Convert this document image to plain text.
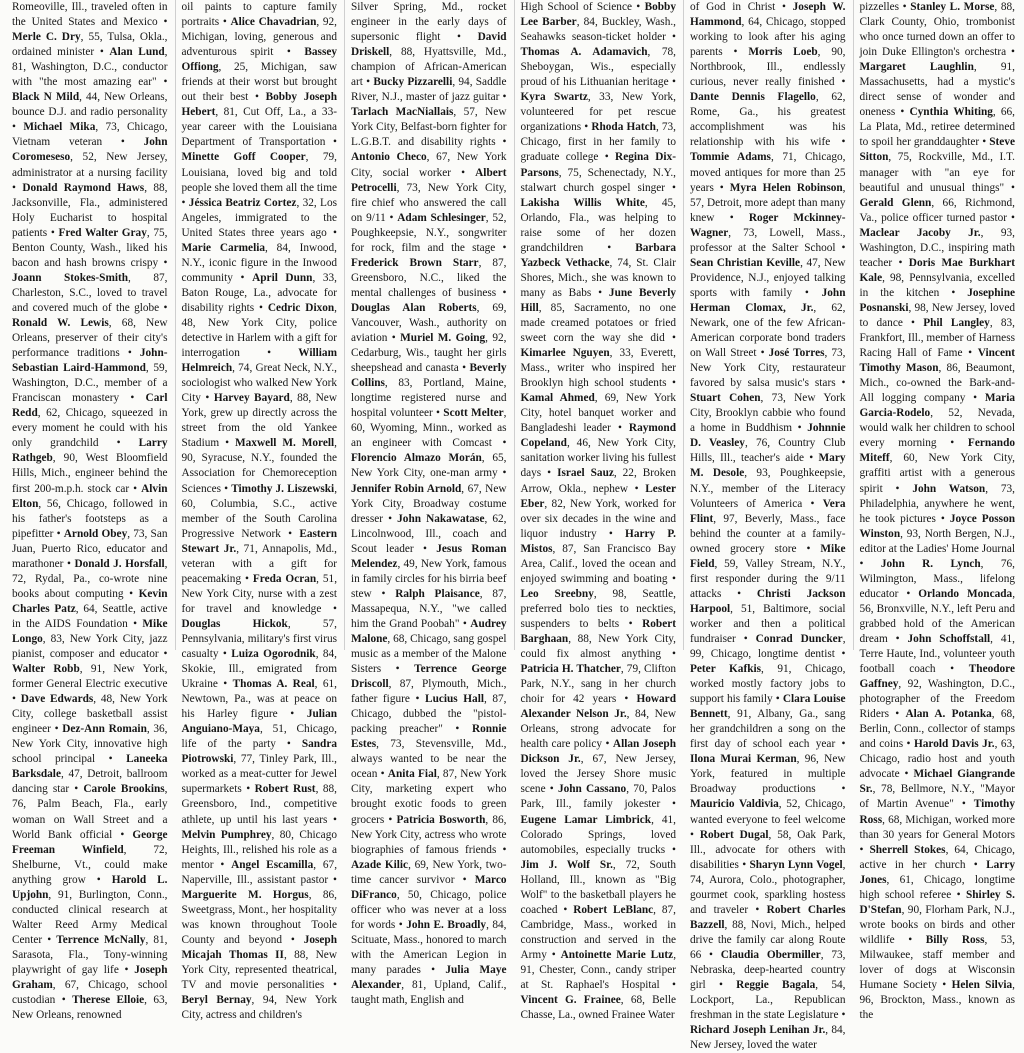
Romeoville, Ill., traveled often in the United States and Mexico • Merle C. Dry, 55, Tulsa, Okla., ordained minister • Alan Lund, 81, Washington, D.C., conductor with "the most amazing ear" • Black N Mild, 44, New Orleans, bounce D.J. and radio personality • Michael Mika, 73, Chicago, Vietnam veteran • John Coromeseso, 52, New Jersey, administrator at a nursing facility • Donald Raymond Haws, 88, Jacksonville, Fla., administered Holy Eucharist to hospital patients • Fred Walter Gray, 75, Benton County, Wash., liked his bacon and hash browns crispy • Joann Stokes-Smith, 87, Charleston, S.C., loved to travel and covered much of the globe • Ronald W. Lewis, 68, New Orleans, preserver of their city's performance traditions • John-Sebastian Laird-Hammond, 59, Washington, D.C., member of a Franciscan monastery • Carl Redd, 62, Chicago, squeezed in every moment he could with his only grandchild • Larry Rathgeb, 90, West Bloomfield Hills, Mich., engineer behind the first 200-m.p.h. stock car • Alvin Elton, 56, Chicago, followed in his father's footsteps as a pipefitter • Arnold Obey, 73, San Juan, Puerto Rico, educator and marathoner • Donald J. Horsfall, 72, Rydal, Pa., co-wrote nine books about computing • Kevin Charles Patz, 64, Seattle, active in the AIDS Foundation • Mike Longo, 83, New York City, jazz pianist, composer and educator • Walter Robb, 91, New York, former General Electric executive • Dave Edwards, 48, New York City, college basketball assist engineer • Dez-Ann Romain, 36, New York City, innovative high school principal • Laneeka Barksdale, 47, Detroit, ballroom dancing star • Carole Brookins, 76, Palm Beach, Fla., early woman on Wall Street and a World Bank official • George Freeman Winfield, 72, Shelburne, Vt., could make anything grow • Harold L. Upjohn, 91, Burlington, Conn., conducted clinical research at Walter Reed Army Medical Center • Terrence McNally, 81, Sarasota, Fla., Tony-winning playwright of gay life • Joseph Graham, 67, Chicago, school custodian • Therese Elloie, 63, New Orleans, renowned

oil paints to capture family portraits • Alice Chavadrian, 92, Michigan, loving, generous and adventurous spirit • Bassey Offiong, 25, Michigan, saw friends at their worst but brought out their best • Bobby Joseph Hebert, 81, Cut Off, La., a 33-year career with the Louisiana Department of Transportation • Minette Goff Cooper, 79, Louisiana, loved big and told people she loved them all the time • Jéssica Beatriz Cortez, 32, Los Angeles, immigrated to the United States three years ago • Marie Carmelia, 84, Inwood, N.Y., iconic figure in the Inwood community • April Dunn, 33, Baton Rouge, La., advocate for disability rights • Cedric Dixon, 48, New York City, police detective in Harlem with a gift for interrogation • William Helmreich, 74, Great Neck, N.Y., sociologist who walked New York City • Harvey Bayard, 88, New York, grew up directly across the street from the old Yankee Stadium • Maxwell M. Morell, 90, Syracuse, N.Y., founded the Association for Chemoreception Sciences • Timothy J. Liszewski, 60, Columbia, S.C., active member of the South Carolina Progressive Network • Eastern Stewart Jr., 71, Annapolis, Md., veteran with a gift for peacemaking • Freda Ocran, 51, New York City, nurse with a zest for travel and knowledge • Douglas Hickok, 57, Pennsylvania, military's first virus casualty • Luiza Ogorodnik, 84, Skokie, Ill., emigrated from Ukraine • Thomas A. Real, 61, Newtown, Pa., was at peace on his Harley figure • Julian Anguiano-Maya, 51, Chicago, life of the party • Sandra Piotrowski, 77, Tinley Park, Ill., worked as a meat-cutter for Jewel supermarkets • Robert Rust, 88, Greensboro, Ind., competitive athlete, up until his last years • Melvin Pumphrey, 80, Chicago Heights, Ill., relished his role as a mentor • Angel Escamilla, 67, Naperville, Ill., assistant pastor • Marguerite M. Horgus, 86, Sweetgrass, Mont., her hospitality was known throughout Toole County and beyond • Joseph Micajah Thomas II, 88, New York City, represented theatrical, TV and movie personalities • Beryl Bernay, 94, New York City, actress and children's

Silver Spring, Md., rocket engineer in the early days of supersonic flight • David Driskell, 88, Hyattsville, Md., champion of African-American art • Bucky Pizzarelli, 94, Saddle River, N.J., master of jazz guitar • Tarlach MacNiallais, 57, New York City, Belfast-born fighter for L.G.B.T. and disability rights • Antonio Checo, 67, New York City, social worker • Albert Petrocelli, 73, New York City, fire chief who answered the call on 9/11 • Adam Schlesinger, 52, Poughkeepsie, N.Y., songwriter for rock, film and the stage • Frederick Brown Starr, 87, Greensboro, N.C., liked the mental challenges of business • Douglas Alan Roberts, 69, Vancouver, Wash., authority on aviation • Muriel M. Going, 92, Cedarburg, Wis., taught her girls sheepshead and canasta • Beverly Collins, 83, Portland, Maine, longtime registered nurse and hospital volunteer • Scott Melter, 60, Wyoming, Minn., worked as an engineer with Comcast • Florencio Almazo Morán, 65, New York City, one-man army • Jennifer Robin Arnold, 67, New York City, Broadway costume dresser • John Nakawatase, 62, Lincolnwood, Ill., coach and Scout leader • Jesus Roman Melendez, 49, New York, famous in family circles for his birria beef stew • Ralph Plaisance, 87, Massapequa, N.Y., "we called him the Grand Poobah" • Audrey Malone, 68, Chicago, sang gospel music as a member of the Malone Sisters • Terrence George Driscoll, 87, Plymouth, Mich., father figure • Lucius Hall, 87, Chicago, dubbed the "pistol-packing preacher" • Ronnie Estes, 73, Stevensville, Md., always wanted to be near the ocean • Anita Fial, 87, New York City, marketing expert who brought exotic foods to green grocers • Patricia Bosworth, 86, New York City, actress who wrote biographies of famous friends • Azade Kilic, 69, New York, two-time cancer survivor • Marco DiFranco, 50, Chicago, police officer who was never at a loss for words • John E. Broadly, 84, Scituate, Mass., honored to march with the American Legion in many parades • Julia Maye Alexander, 81, Upland, Calif., taught math, English and

High School of Science • Bobby Lee Barber, 84, Buckley, Wash., Seahawks season-ticket holder • Thomas A. Adamavich, 78, Sheboygan, Wis., especially proud of his Lithuanian heritage • Kyra Swartz, 33, New York, volunteered for pet rescue organizations • Rhoda Hatch, 73, Chicago, first in her family to graduate college • Regina Dix-Parsons, 75, Schenectady, N.Y., stalwart church gospel singer • Lakisha Willis White, 45, Orlando, Fla., was helping to raise some of her dozen grandchildren • Barbara Yazbeck Vethacke, 74, St. Clair Shores, Mich., she was known to many as Babs • June Beverly Hill, 85, Sacramento, no one made creamed potatoes or fried sweet corn the way she did • Kimarlee Nguyen, 33, Everett, Mass., writer who inspired her Brooklyn high school students • Kamal Ahmed, 69, New York City, hotel banquet worker and Bangladeshi leader • Raymond Copeland, 46, New York City, sanitation worker living his fullest days • Israel Sauz, 22, Broken Arrow, Okla., nephew • Lester Eber, 82, New York, worked for over six decades in the wine and liquor industry • Harry P. Mistos, 87, San Francisco Bay Area, Calif., loved the ocean and enjoyed swimming and boating • Leo Sreebny, 98, Seattle, preferred bolo ties to neckties, suspenders to belts • Robert Barghaan, 88, New York City, could fix almost anything • Patricia H. Thatcher, 79, Clifton Park, N.Y., sang in her church choir for 42 years • Howard Alexander Nelson Jr., 84, New Orleans, strong advocate for health care policy • Allan Joseph Dickson Jr., 67, New Jersey, loved the Jersey Shore music scene • John Cassano, 70, Palos Park, Ill., family jokester • Eugene Lamar Limbrick, 41, Colorado Springs, loved automobiles, especially trucks • Jim J. Wolf Sr., 72, South Holland, Ill., known as "Big Wolf" to the basketball players he coached • Robert LeBlanc, 87, Cambridge, Mass., worked in construction and served in the Army • Antoinette Marie Lutz, 91, Chester, Conn., candy striper at St. Raphael's Hospital • Vincent G. Frainee, 68, Belle Chasse, La., owned Frainee Water

of God in Christ • Joseph W. Hammond, 64, Chicago, stopped working to look after his aging parents • Morris Loeb, 90, Northbrook, Ill., endlessly curious, never really finished • Dante Dennis Flagello, 62, Rome, Ga., his greatest accomplishment was his relationship with his wife • Tommie Adams, 71, Chicago, moved antiques for more than 25 years • Myra Helen Robinson, 57, Detroit, more adept than many knew • Roger Mckinney-Wagner, 73, Lowell, Mass., professor at the Salter School • Sean Christian Keville, 47, New Providence, N.J., enjoyed talking sports with family • John Herman Clomax, Jr., 62, Newark, one of the few African-American corporate bond traders on Wall Street • José Torres, 73, New York City, restaurateur favored by salsa music's stars • Stuart Cohen, 73, New York City, Brooklyn cabbie who found a home in Buddhism • Johnnie D. Veasley, 76, Country Club Hills, Ill., teacher's aide • Mary M. Desole, 93, Poughkeepsie, N.Y., member of the Literacy Volunteers of America • Vera Flint, 97, Beverly, Mass., face behind the counter at a family-owned grocery store • Mike Field, 59, Valley Stream, N.Y., first responder during the 9/11 attacks • Christi Jackson Harpool, 51, Baltimore, social worker and then a political fundraiser • Conrad Duncker, 99, Chicago, longtime dentist • Peter Kafkis, 91, Chicago, worked mostly factory jobs to support his family • Clara Louise Bennett, 91, Albany, Ga., sang her grandchildren a song on the first day of school each year • Ilona Murai Kerman, 96, New York, featured in multiple Broadway productions • Mauricio Valdivia, 52, Chicago, wanted everyone to feel welcome • Robert Dugal, 58, Oak Park, Ill., advocate for others with disabilities • Sharyn Lynn Vogel, 74, Aurora, Colo., photographer, gourmet cook, sparkling hostess and traveler • Robert Charles Bazzell, 88, Novi, Mich., helped drive the family car along Route 66 • Claudia Obermiller, 73, Nebraska, deep-hearted country girl • Reggie Bagala, 54, Lockport, La., Republican freshman in the state Legislature • Richard Joseph Lenihan Jr., 84, New Jersey, loved the water

pizzelles • Stanley L. Morse, 88, Clark County, Ohio, trombonist who once turned down an offer to join Duke Ellington's orchestra • Margaret Laughlin, 91, Massachusetts, had a mystic's direct sense of wonder and oneness • Cynthia Whiting, 66, La Plata, Md., retiree determined to spoil her granddaughter • Steve Sitton, 75, Rockville, Md., I.T. manager with "an eye for beautiful and unusual things" • Gerald Glenn, 66, Richmond, Va., police officer turned pastor • Maclear Jacoby Jr., 93, Washington, D.C., inspiring math teacher • Doris Mae Burkhart Kale, 98, Pennsylvania, excelled in the kitchen • Josephine Posnanski, 98, New Jersey, loved to dance • Phil Langley, 83, Frankfort, Ill., member of Harness Racing Hall of Fame • Vincent Timothy Mason, 86, Beaumont, Mich., co-owned the Bark-and-All logging company • Maria Garcia-Rodelo, 52, Nevada, would walk her children to school every morning • Fernando Miteff, 60, New York City, graffiti artist with a generous spirit • John Watson, 73, Philadelphia, anywhere he went, he took pictures • Joyce Posson Winston, 93, North Bergen, N.J., editor at the Ladies' Home Journal • John R. Lynch, 76, Wilmington, Mass., lifelong educator • Orlando Moncada, 56, Bronxville, N.Y., left Peru and grabbed hold of the American dream • John Schoffstall, 41, Terre Haute, Ind., volunteer youth football coach • Theodore Gaffney, 92, Washington, D.C., photographer of the Freedom Riders • Alan A. Potanka, 68, Berlin, Conn., collector of stamps and coins • Harold Davis Jr., 63, Chicago, radio host and youth advocate • Michael Giangrande Sr., 78, Bellmore, N.Y., "Mayor of Martin Avenue" • Timothy Ross, 68, Michigan, worked more than 30 years for General Motors • Sherrell Stokes, 64, Chicago, active in her church • Larry Jones, 61, Chicago, longtime high school referee • Shirley S. D'Stefan, 90, Florham Park, N.J., wrote books on birds and other wildlife • Billy Ross, 53, Milwaukee, staff member and lover of dogs at Wisconsin Humane Society • Helen Silvia, 96, Brockton, Mass., known as the
